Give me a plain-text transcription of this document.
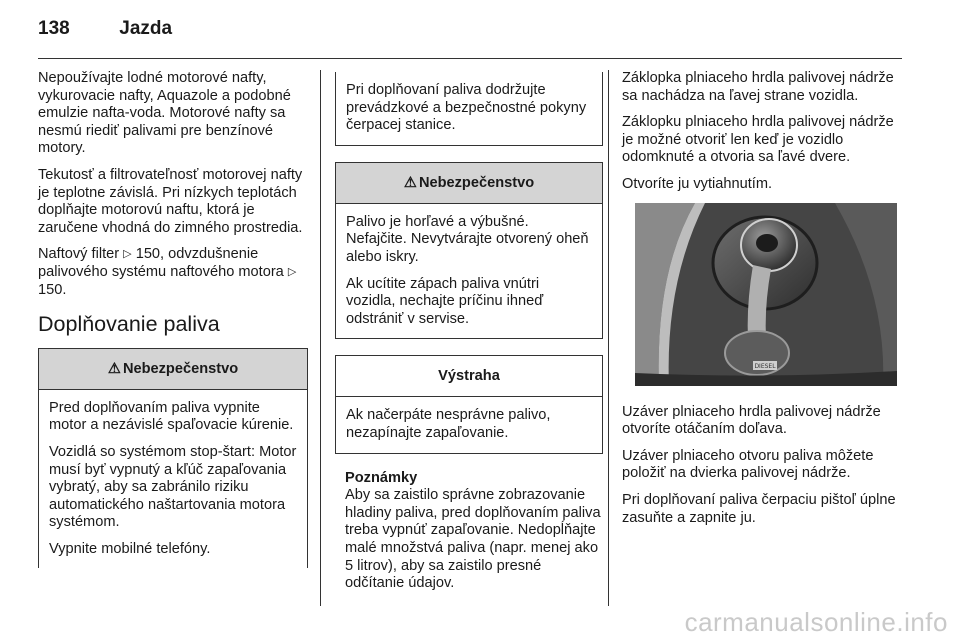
138	Jazda

Nepoužívajte lodné motorové nafty, vykurovacie nafty, Aquazole a podobné emulzie nafta-voda. Motorové nafty sa nesmú riediť palivami pre benzínové motory.

Tekutosť a filtrovateľnosť motorovej nafty je teplotne závislá. Pri nízkych teplotách doplňajte motorovú naftu, ktorá je zaručene vhodná do zimného prostredia.

Naftový filter ▷ 150, odvzdušnenie palivového systému naftového motora ▷ 150.

Doplňovanie paliva
⚠ Nebezpečenstvo

Pred doplňovaním paliva vypnite motor a nezávislé spaľovacie kúrenie.

Vozidlá so systémom stop-štart: Motor musí byť vypnutý a kľúč zapaľovania vybratý, aby sa zabránilo riziku automatického naštartovania motora systémom.

Vypnite mobilné telefóny.

Pri doplňovaní paliva dodržujte prevádzkové a bezpečnostné pokyny čerpacej stanice.

⚠ Nebezpečenstvo

Palivo je horľavé a výbušné. Nefajčite. Nevytvárajte otvorený oheň alebo iskry.

Ak ucítite zápach paliva vnútri vozidla, nechajte príčinu ihneď odstrániť v servise.

Výstraha

Ak načerpáte nesprávne palivo, nezapínajte zapaľovanie.

Poznámky

Aby sa zaistilo správne zobrazovanie hladiny paliva, pred doplňovaním paliva treba vypnúť zapaľovanie. Nedopĺňajte malé množstvá paliva (napr. menej ako 5 litrov), aby sa zaistilo presné odčítanie údajov.

Záklopka plniaceho hrdla palivovej nádrže sa nachádza na ľavej strane vozidla.

Záklopku plniaceho hrdla palivovej nádrže je možné otvoriť len keď je vozidlo odomknuté a otvoria sa ľavé dvere.

Otvoríte ju vytiahnutím.

DIESEL

Uzáver plniaceho hrdla palivovej nádrže otvoríte otáčaním doľava.

Uzáver plniaceho otvoru paliva môžete položiť na dvierka palivovej nádrže.

Pri doplňovaní paliva čerpaciu pištoľ úplne zasuňte a zapnite ju.

carmanualsonline.info
